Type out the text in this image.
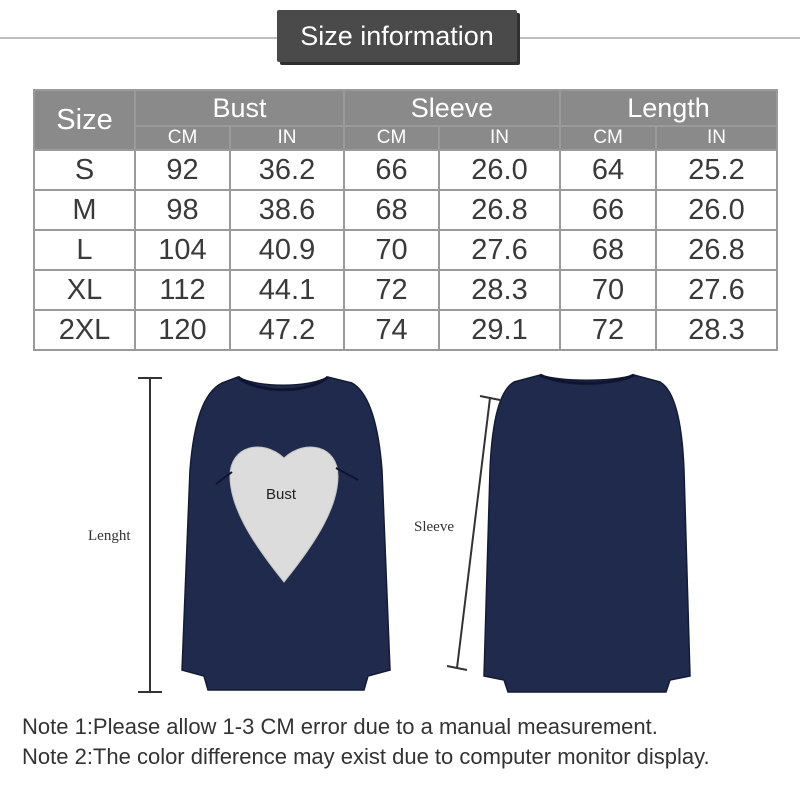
Size information
Size	Bust		Sleeve		Length	
	CM	IN	CM	IN	CM	IN
S	92	36.2	66	26.0	64	25.2
M	98	38.6	68	26.8	66	26.0
L	104	40.9	70	27.6	68	26.8
XL	112	44.1	72	28.3	70	27.6
2XL	120	47.2	74	29.1	72	28.3
Lenght
Bust
Sleeve
Note 1:Please allow 1-3 CM error due to a manual measurement.
Note 2:The color difference may exist due to computer monitor display.
